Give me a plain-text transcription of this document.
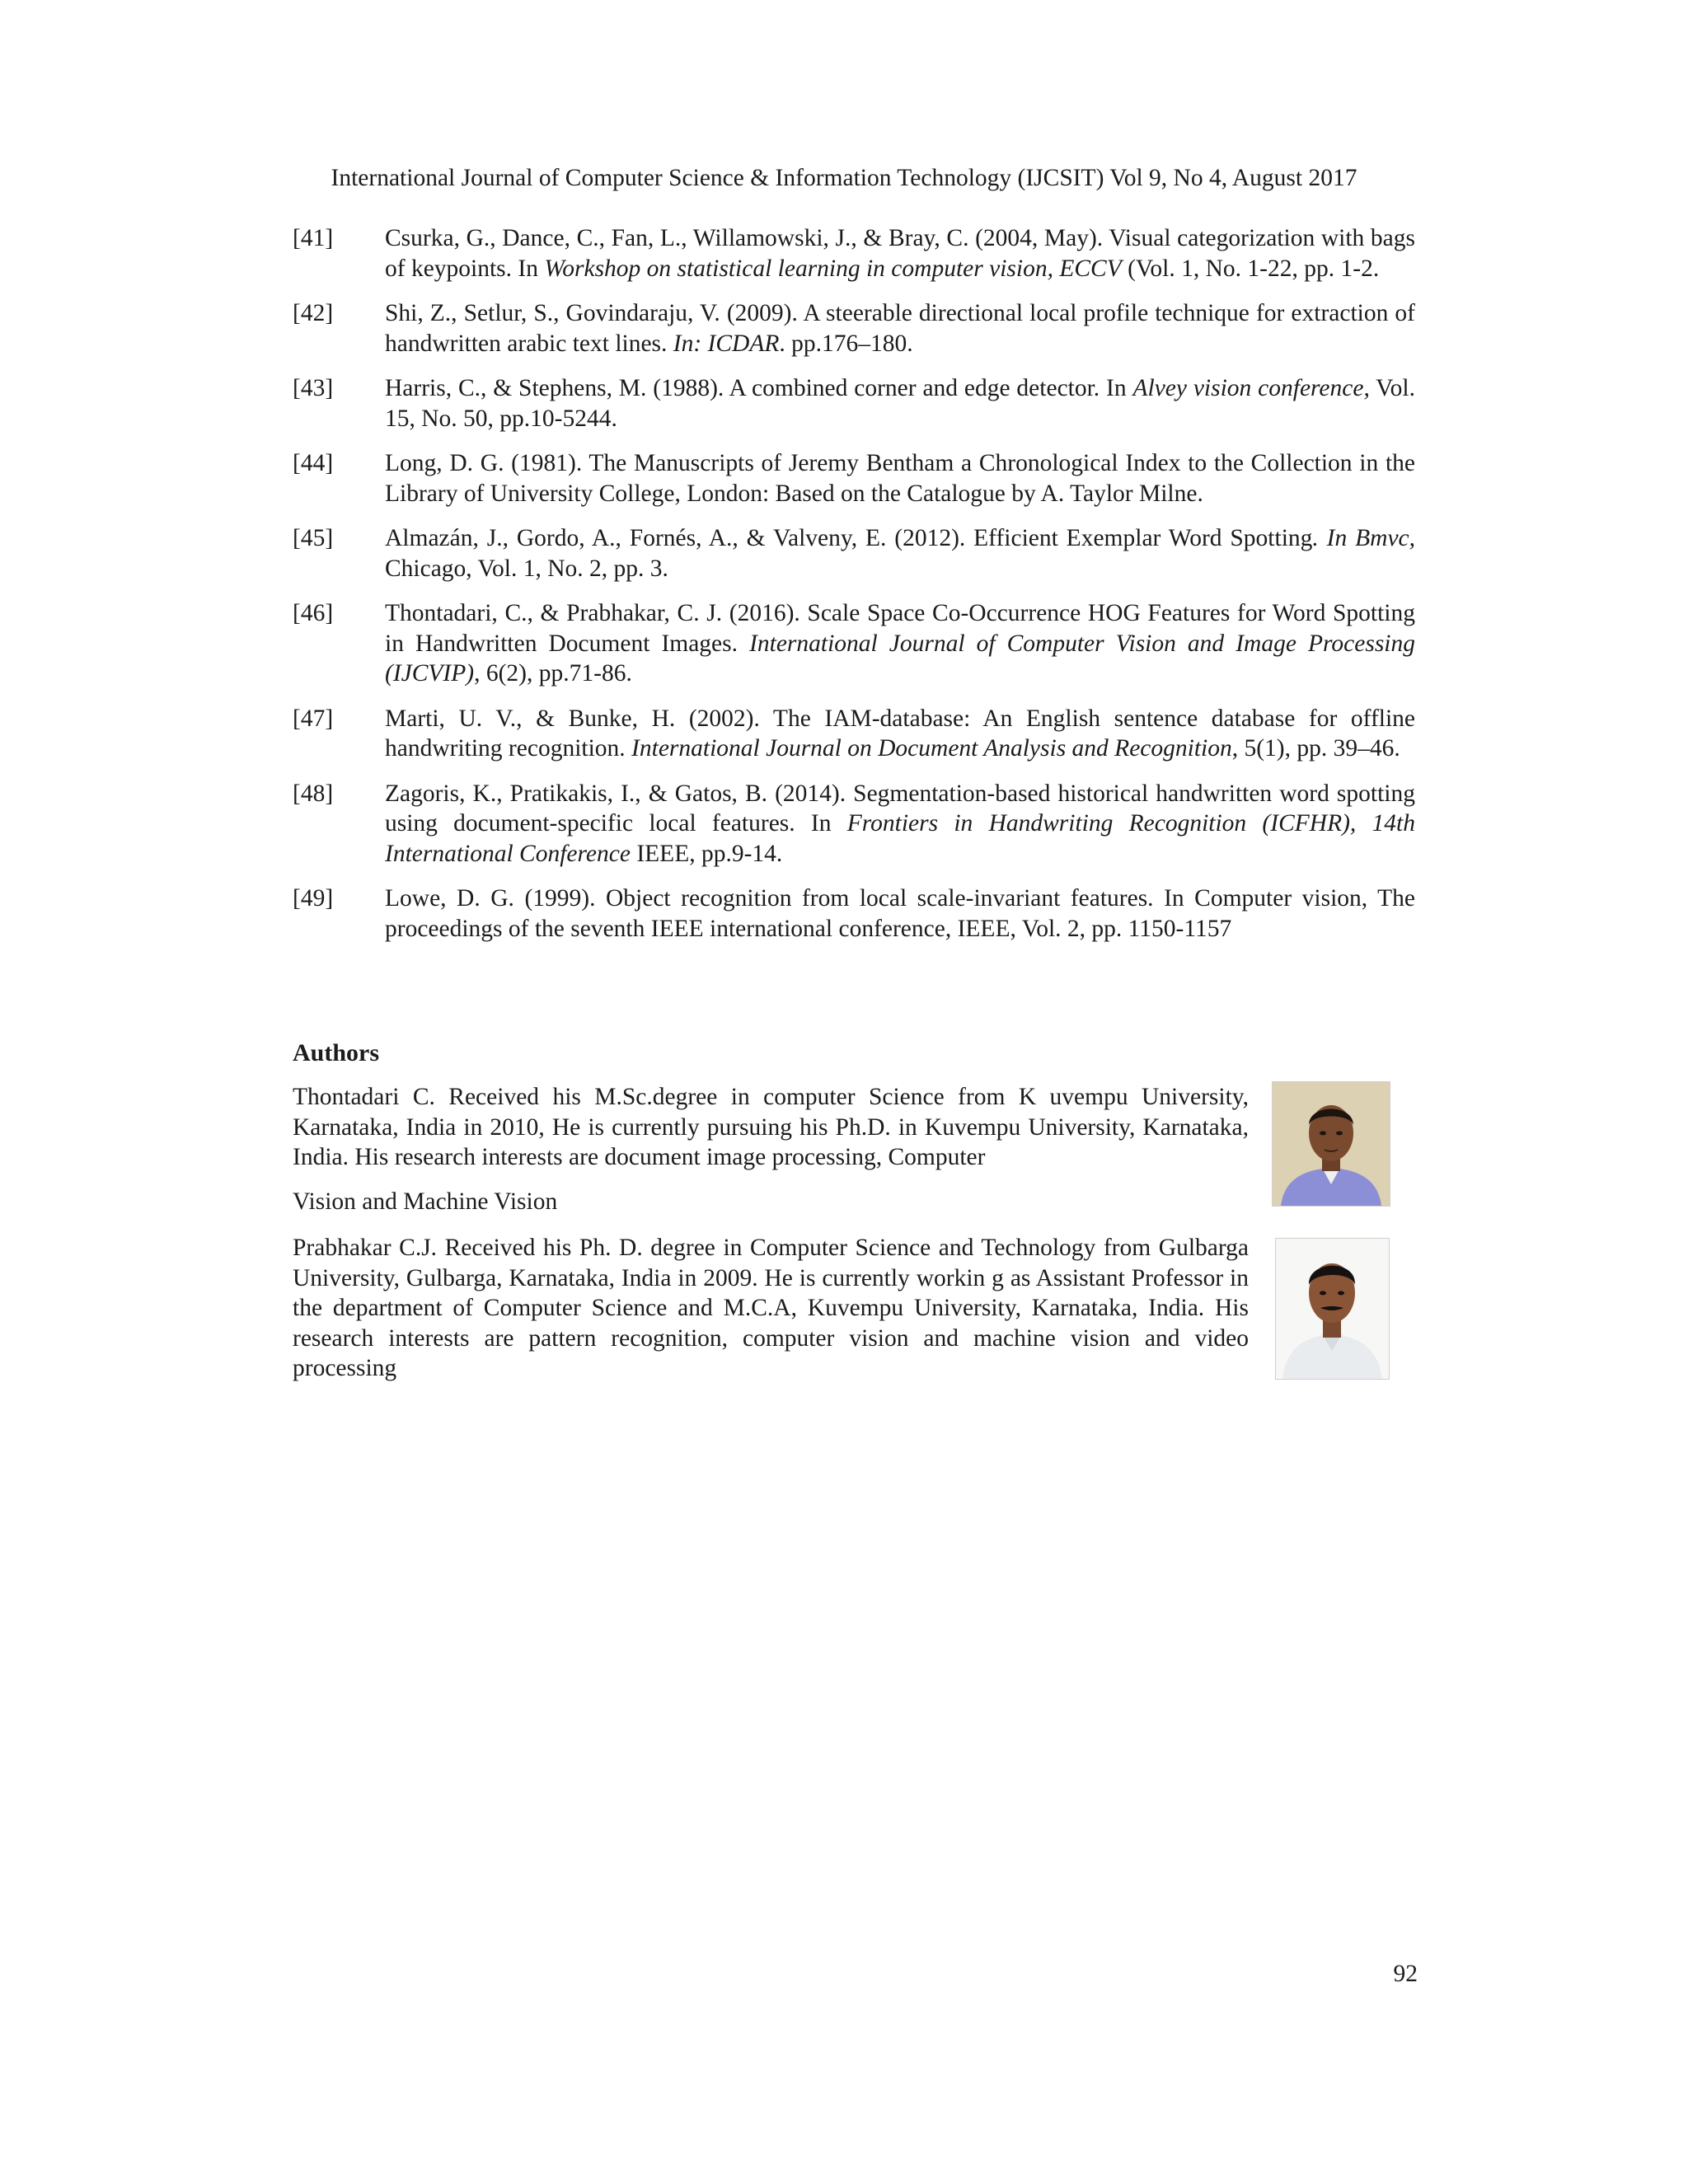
International Journal of Computer Science & Information Technology (IJCSIT) Vol 9, No 4, August 2017
[41]	Csurka, G., Dance, C., Fan, L., Willamowski, J., & Bray, C. (2004, May). Visual categorization with bags of keypoints. In Workshop on statistical learning in computer vision, ECCV (Vol. 1, No. 1-22, pp. 1-2.
[42]	Shi, Z., Setlur, S., Govindaraju, V. (2009). A steerable directional local profile technique for extraction of handwritten arabic text lines. In: ICDAR. pp.176–180.
[43]	Harris, C., & Stephens, M. (1988). A combined corner and edge detector. In Alvey vision conference, Vol. 15, No. 50, pp.10-5244.
[44]	Long, D. G. (1981). The Manuscripts of Jeremy Bentham a Chronological Index to the Collection in the Library of University College, London: Based on the Catalogue by A. Taylor Milne.
[45]	Almazán, J., Gordo, A., Fornés, A., & Valveny, E. (2012). Efficient Exemplar Word Spotting. In Bmvc, Chicago, Vol. 1, No. 2, pp. 3.
[46]	Thontadari, C., & Prabhakar, C. J. (2016). Scale Space Co-Occurrence HOG Features for Word Spotting in Handwritten Document Images. International Journal of Computer Vision and Image Processing (IJCVIP), 6(2), pp.71-86.
[47]	Marti, U. V., & Bunke, H. (2002). The IAM-database: An English sentence database for offline handwriting recognition. International Journal on Document Analysis and Recognition, 5(1), pp. 39–46.
[48]	Zagoris, K., Pratikakis, I., & Gatos, B. (2014). Segmentation-based historical handwritten word spotting using document-specific local features. In Frontiers in Handwriting Recognition (ICFHR), 14th International Conference IEEE, pp.9-14.
[49]	Lowe, D. G. (1999). Object recognition from local scale-invariant features. In Computer vision, The proceedings of the seventh IEEE international conference, IEEE, Vol. 2, pp. 1150-1157
Authors
Thontadari C. Received his M.Sc.degree in computer Science from K uvempu University, Karnataka, India in 2010, He is currently pursuing his Ph.D. in Kuvempu University, Karnataka, India. His research interests are document image processing, Computer
Vision and Machine Vision
Prabhakar C.J. Received his Ph. D. degree in Computer Science and Technology from Gulbarga University, Gulbarga, Karnataka, India in 2009. He is currently workin g as Assistant Professor in the department of Computer Science and M.C.A, Kuvempu University, Karnataka, India. His research interests are pattern recognition, computer vision and machine vision and video processing
92
